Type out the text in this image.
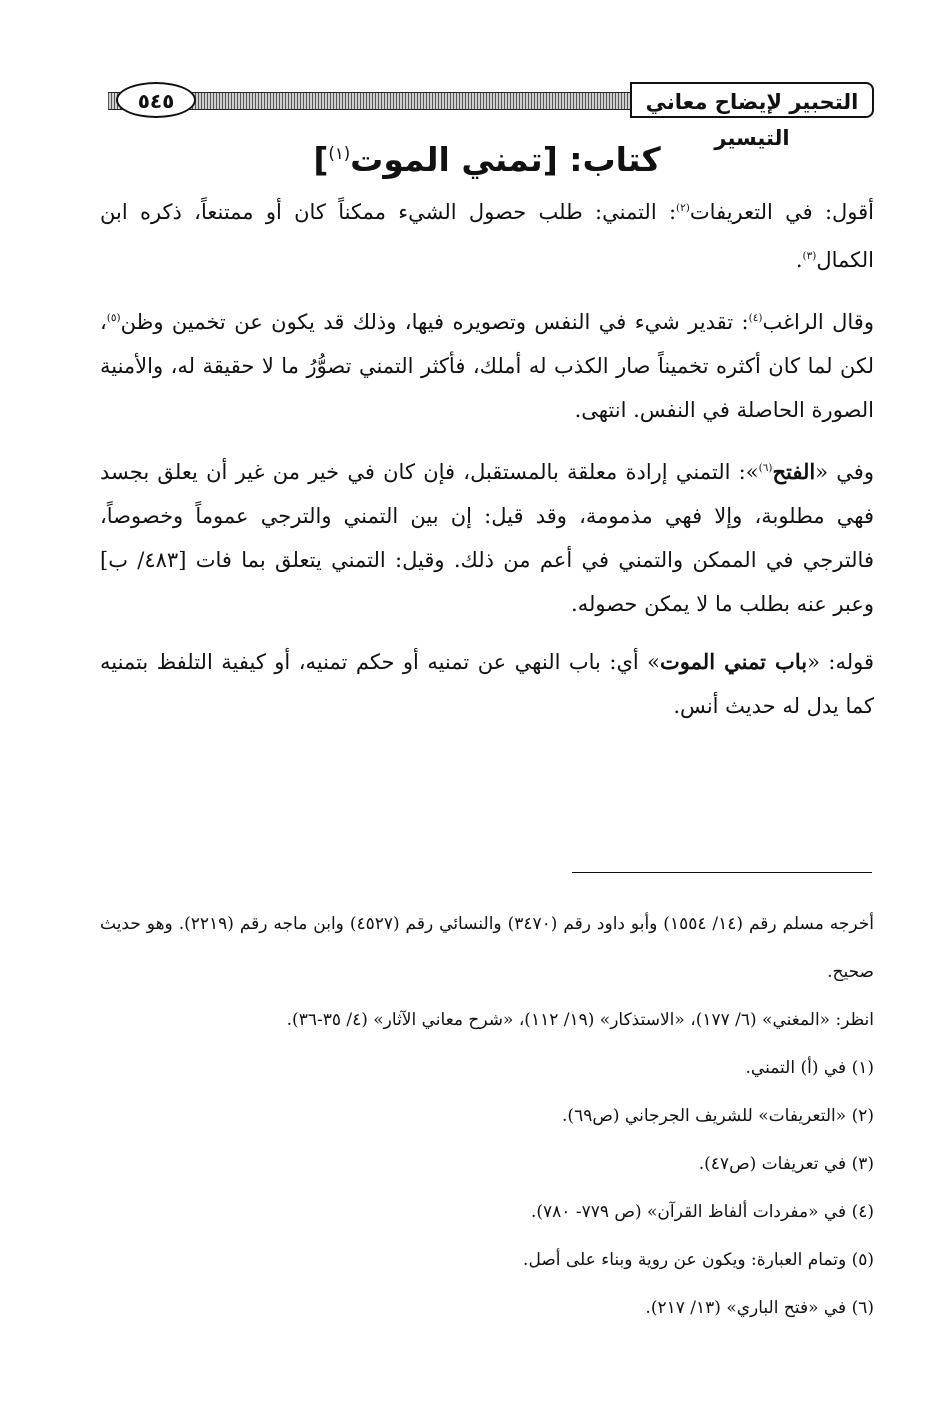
التحبير لإيضاح معاني التيسير
٥٤٥
كتاب: [تمني الموت$^{(١)}$]

أقول: في التعريفات$^{(٢)}$: التمني: طلب حصول الشيء ممكناً كان أو ممتنعاً، ذكره ابن الكمال$^{(٣)}$.

وقال الراغب$^{(٤)}$: تقدير شيء في النفس وتصويره فيها، وذلك قد يكون عن تخمين وظن$^{(٥)}$، لكن لما كان أكثره تخميناً صار الكذب له أملك، فأكثر التمني تصوُّرُ ما لا حقيقة له، والأمنية الصورة الحاصلة في النفس. انتهى.

وفي «الفتح$^{(٦)}$»: التمني إرادة معلقة بالمستقبل، فإن كان في خير من غير أن يعلق بجسد فهي مطلوبة، وإلا فهي مذمومة، وقد قيل: إن بين التمني والترجي عموماً وخصوصاً، فالترجي في الممكن والتمني في أعم من ذلك. وقيل: التمني يتعلق بما فات [٤٨٣/ ب] وعبر عنه بطلب ما لا يمكن حصوله.

قوله: «باب تمني الموت» أي: باب النهي عن تمنيه أو حكم تمنيه، أو كيفية التلفظ بتمنيه كما يدل له حديث أنس.

أخرجه مسلم رقم (١٤/ ١٥٥٤) وأبو داود رقم (٣٤٧٠) والنسائي رقم (٤٥٢٧) وابن ماجه رقم (٢٢١٩). وهو حديث صحيح.

انظر: «المغني» (٦/ ١٧٧)، «الاستذكار» (١٩/ ١١٢)، «شرح معاني الآثار» (٤/ ٣٥-٣٦).

(١) في (أ) التمني.

(٢) «التعريفات» للشريف الجرجاني (ص٦٩).

(٣) في تعريفات (ص٤٧).

(٤) في «مفردات ألفاظ القرآن» (ص ٧٧٩- ٧٨٠).

(٥) وتمام العبارة: ويكون عن روية وبناء على أصل.

(٦) في «فتح الباري» (١٣/ ٢١٧).
